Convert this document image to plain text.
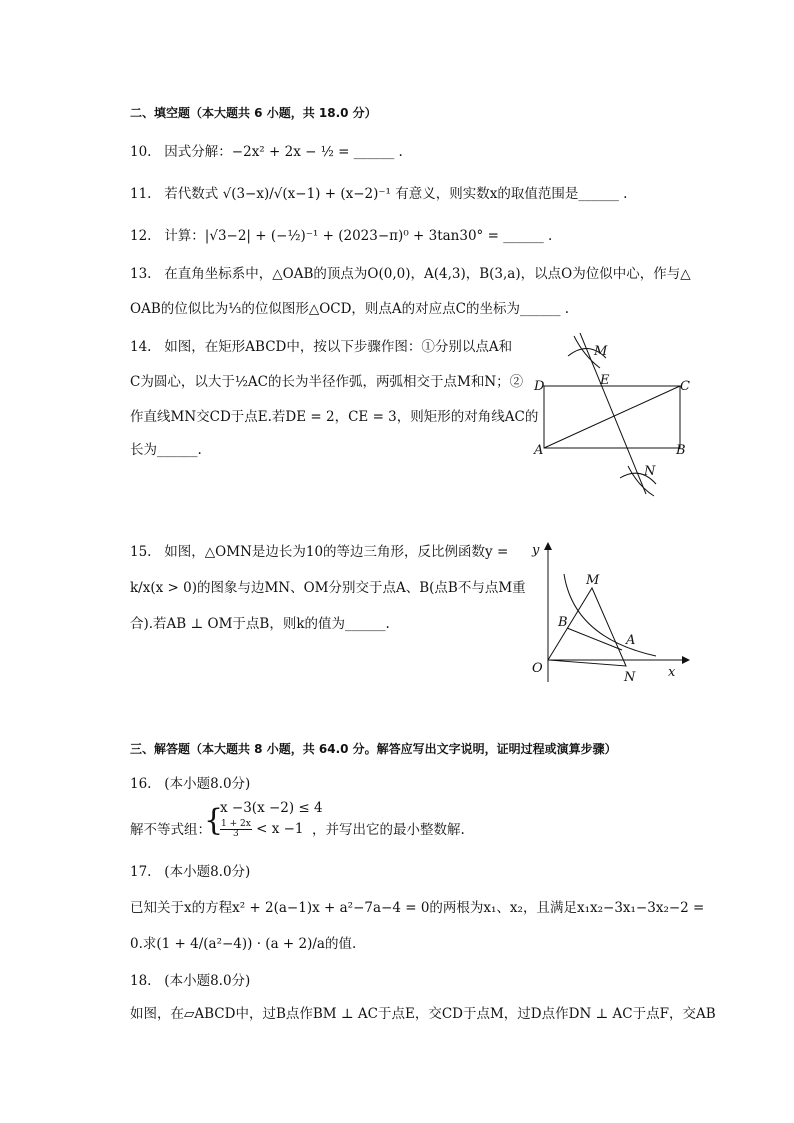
二、填空题（本大题共 6 小题，共 18.0 分）
10. 因式分解：−2x² + 2x − ½ = ______ .
11. 若代数式 √(3−x)/√(x−1) + (x−2)⁻¹ 有意义，则实数x的取值范围是______ .
12. 计算：|√3−2| + (−½)⁻¹ + (2023−π)⁰ + 3tan30° = ______ .
13. 在直角坐标系中，△OAB的顶点为O(0,0)，A(4,3)，B(3,a)，以点O为位似中心，作与△
OAB的位似比为⅓的位似图形△OCD，则点A的对应点C的坐标为______ .
14. 如图，在矩形ABCD中，按以下步骤作图：①分别以点A和
C为圆心，以大于½AC的长为半径作弧，两弧相交于点M和N；②
作直线MN交CD于点E.若DE = 2，CE = 3，则矩形的对角线AC的
长为______.
M
D	E	C
A	B
N
15. 如图，△OMN是边长为10的等边三角形，反比例函数y =
k/x(x > 0)的图象与边MN、OM分别交于点A、B(点B不与点M重
合).若AB ⊥ OM于点B，则k的值为______.
y
M
B
A
O
N	x
三、解答题（本大题共 8 小题，共 64.0 分。解答应写出文字说明，证明过程或演算步骤）
16. (本小题8.0分)
解不等式组：
{
x −3(x −2) ≤ 4
$\frac{1 + 2x}{3} < x -1$ ，并写出它的最小整数解.
17. (本小题8.0分)
已知关于x的方程x² + 2(a−1)x + a²−7a−4 = 0的两根为x₁、x₂，且满足x₁x₂−3x₁−3x₂−2 =
0.求(1 + 4/(a²−4)) · (a + 2)/a的值.
18. (本小题8.0分)
如图，在▱ABCD中，过B点作BM ⊥ AC于点E，交CD于点M，过D点作DN ⊥ AC于点F，交AB
